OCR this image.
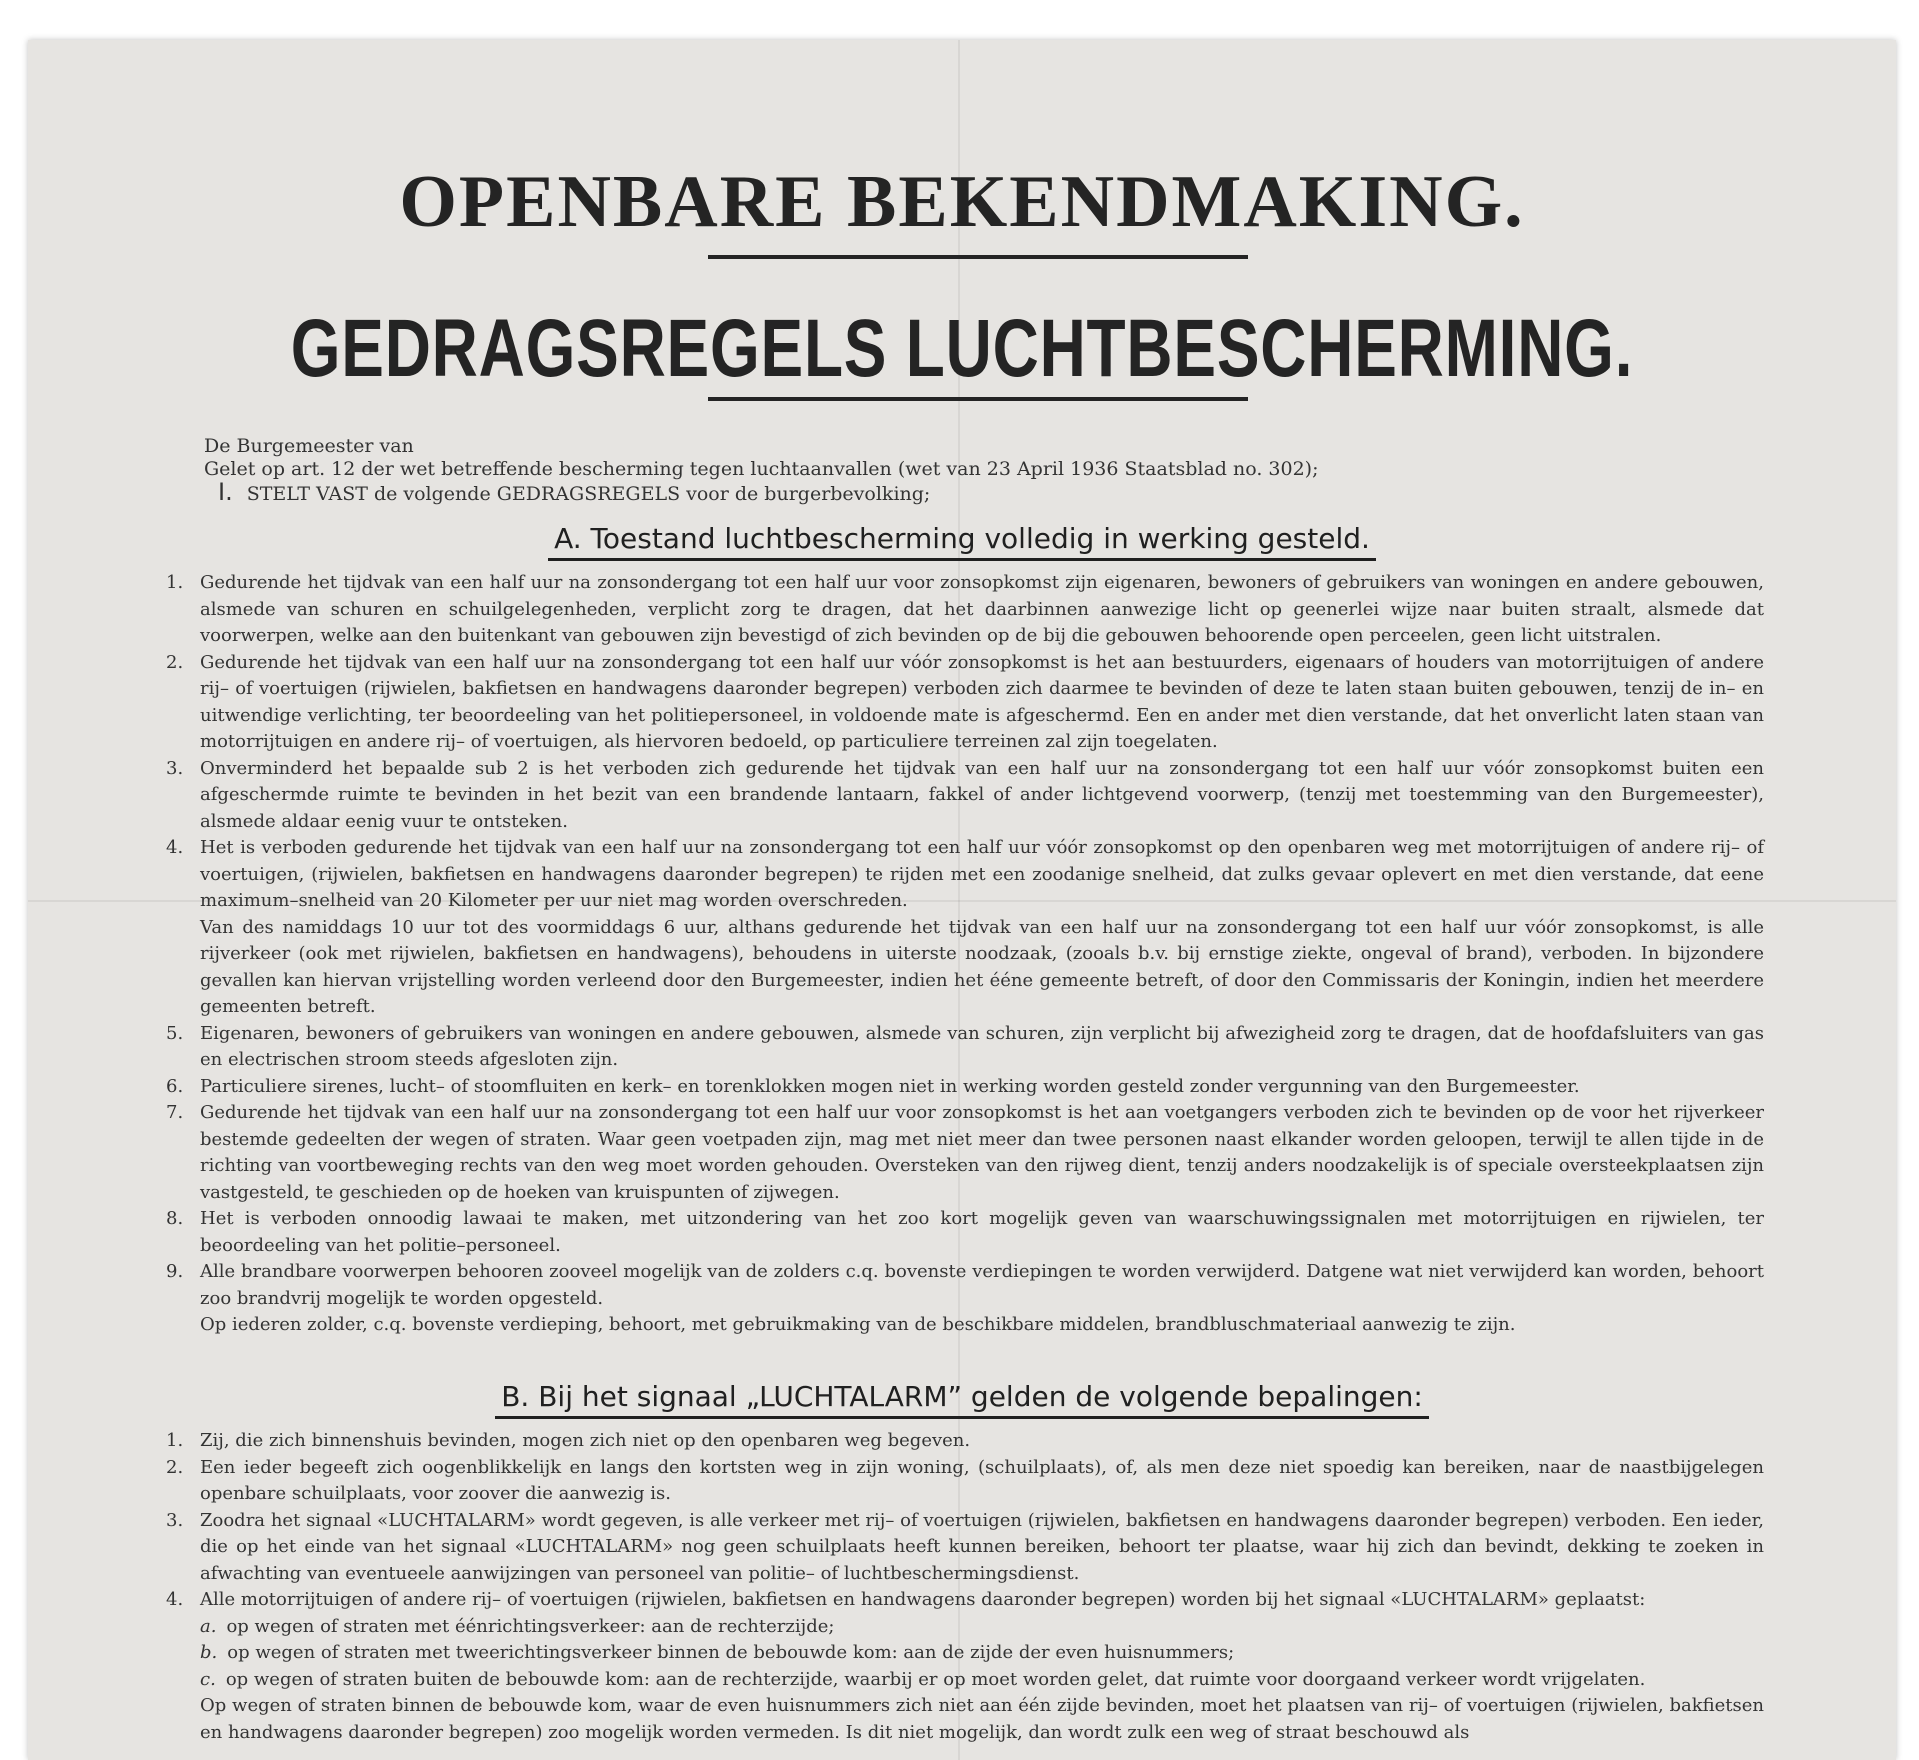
OPENBARE BEKENDMAKING.
GEDRAGSREGELS LUCHTBESCHERMING.
De Burgemeester van
Gelet op art. 12 der wet betreffende bescherming tegen luchtaanvallen (wet van 23 April 1936 Staatsblad no. 302);
I. STELT VAST de volgende GEDRAGSREGELS voor de burgerbevolking;
A. Toestand luchtbescherming volledig in werking gesteld.
1. Gedurende het tijdvak van een half uur na zonsondergang tot een half uur voor zonsopkomst zijn eigenaren, bewoners of gebruikers van woningen en andere gebouwen, alsmede van schuren en schuilgelegenheden, verplicht zorg te dragen, dat het daarbinnen aanwezige licht op geenerlei wijze naar buiten straalt, alsmede dat voorwerpen, welke aan den buitenkant van gebouwen zijn bevestigd of zich bevinden op de bij die gebouwen behoorende open perceelen, geen licht uitstralen.
2. Gedurende het tijdvak van een half uur na zonsondergang tot een half uur vóór zonsopkomst is het aan bestuurders, eigenaars of houders van motorrijtuigen of andere rij– of voertuigen (rijwielen, bakfietsen en handwagens daaronder begrepen) verboden zich daarmee te bevinden of deze te laten staan buiten gebouwen, tenzij de in– en uitwendige verlichting, ter beoordeeling van het politiepersoneel, in voldoende mate is afgeschermd. Een en ander met dien verstande, dat het onverlicht laten staan van motorrijtuigen en andere rij– of voertuigen, als hiervoren bedoeld, op particuliere terreinen zal zijn toegelaten.
3. Onverminderd het bepaalde sub 2 is het verboden zich gedurende het tijdvak van een half uur na zonsondergang tot een half uur vóór zonsopkomst buiten een afgeschermde ruimte te bevinden in het bezit van een brandende lantaarn, fakkel of ander lichtgevend voorwerp, (tenzij met toestemming van den Burgemeester), alsmede aldaar eenig vuur te ontsteken.
4. Het is verboden gedurende het tijdvak van een half uur na zonsondergang tot een half uur vóór zonsopkomst op den openbaren weg met motorrijtuigen of andere rij– of voertuigen, (rijwielen, bakfietsen en handwagens daaronder begrepen) te rijden met een zoodanige snelheid, dat zulks gevaar oplevert en met dien verstande, dat eene maximum–snelheid van 20 Kilometer per uur niet mag worden overschreden.
Van des namiddags 10 uur tot des voormiddags 6 uur, althans gedurende het tijdvak van een half uur na zonsondergang tot een half uur vóór zonsopkomst, is alle rijverkeer (ook met rijwielen, bakfietsen en handwagens), behoudens in uiterste noodzaak, (zooals b.v. bij ernstige ziekte, ongeval of brand), verboden. In bijzondere gevallen kan hiervan vrijstelling worden verleend door den Burgemeester, indien het ééne gemeente betreft, of door den Commissaris der Koningin, indien het meerdere gemeenten betreft.
5. Eigenaren, bewoners of gebruikers van woningen en andere gebouwen, alsmede van schuren, zijn verplicht bij afwezigheid zorg te dragen, dat de hoofdafsluiters van gas en electrischen stroom steeds afgesloten zijn.
6. Particuliere sirenes, lucht– of stoomfluiten en kerk– en torenklokken mogen niet in werking worden gesteld zonder vergunning van den Burgemeester.
7. Gedurende het tijdvak van een half uur na zonsondergang tot een half uur voor zonsopkomst is het aan voetgangers verboden zich te bevinden op de voor het rijverkeer bestemde gedeelten der wegen of straten. Waar geen voetpaden zijn, mag met niet meer dan twee personen naast elkander worden geloopen, terwijl te allen tijde in de richting van voortbeweging rechts van den weg moet worden gehouden. Oversteken van den rijweg dient, tenzij anders noodzakelijk is of speciale oversteekplaatsen zijn vastgesteld, te geschieden op de hoeken van kruispunten of zijwegen.
8. Het is verboden onnoodig lawaai te maken, met uitzondering van het zoo kort mogelijk geven van waarschuwingssignalen met motorrijtuigen en rijwielen, ter beoordeeling van het politie–personeel.
9. Alle brandbare voorwerpen behooren zooveel mogelijk van de zolders c.q. bovenste verdiepingen te worden verwijderd. Datgene wat niet verwijderd kan worden, behoort zoo brandvrij mogelijk te worden opgesteld.
Op iederen zolder, c.q. bovenste verdieping, behoort, met gebruikmaking van de beschikbare middelen, brandbluschmateriaal aanwezig te zijn.
B. Bij het signaal „LUCHTALARM” gelden de volgende bepalingen:
1. Zij, die zich binnenshuis bevinden, mogen zich niet op den openbaren weg begeven.
2. Een ieder begeeft zich oogenblikkelijk en langs den kortsten weg in zijn woning, (schuilplaats), of, als men deze niet spoedig kan bereiken, naar de naastbijgelegen openbare schuilplaats, voor zoover die aanwezig is.
3. Zoodra het signaal «LUCHTALARM» wordt gegeven, is alle verkeer met rij– of voertuigen (rijwielen, bakfietsen en handwagens daaronder begrepen) verboden. Een ieder, die op het einde van het signaal «LUCHTALARM» nog geen schuilplaats heeft kunnen bereiken, behoort ter plaatse, waar hij zich dan bevindt, dekking te zoeken in afwachting van eventueele aanwijzingen van personeel van politie– of luchtbeschermingsdienst.
4. Alle motorrijtuigen of andere rij– of voertuigen (rijwielen, bakfietsen en handwagens daaronder begrepen) worden bij het signaal «LUCHTALARM» geplaatst:
a. op wegen of straten met éénrichtingsverkeer: aan de rechterzijde;
b. op wegen of straten met tweerichtingsverkeer binnen de bebouwde kom: aan de zijde der even huisnummers;
c. op wegen of straten buiten de bebouwde kom: aan de rechterzijde, waarbij er op moet worden gelet, dat ruimte voor doorgaand verkeer wordt vrijgelaten.
Op wegen of straten binnen de bebouwde kom, waar de even huisnummers zich niet aan één zijde bevinden, moet het plaatsen van rij– of voertuigen (rijwielen, bakfietsen en handwagens daaronder begrepen) zoo mogelijk worden vermeden. Is dit niet mogelijk, dan wordt zulk een weg of straat beschouwd als
